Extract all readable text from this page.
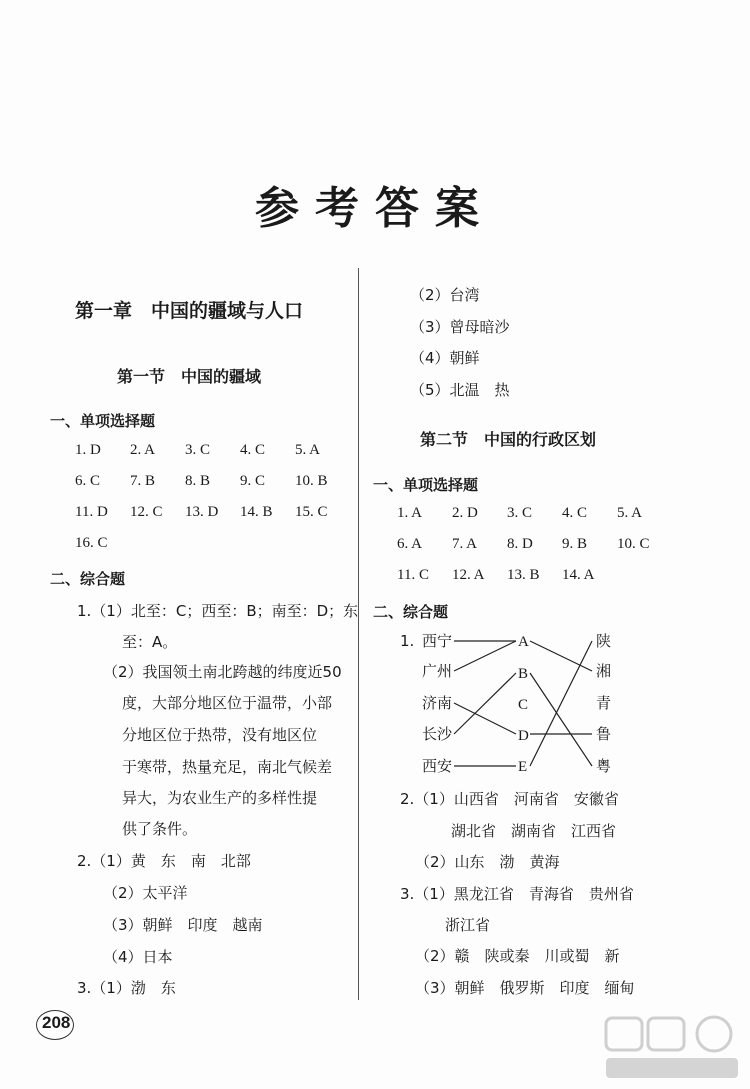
参考答案
第一章　中国的疆域与人口
第一节　中国的疆域
一、单项选择题
1. D 2. A 3. C 4. C 5. A
6. C 7. B 8. B 9. C 10. B
11. D 12. C 13. D 14. B 15. C
16. C
二、综合题
1.（1）北至：C；西至：B；南至：D；东
至：A。
（2）我国领土南北跨越的纬度近50
度，大部分地区位于温带，小部
分地区位于热带，没有地区位
于寒带，热量充足，南北气候差
异大，为农业生产的多样性提
供了条件。
2.（1）黄　东　南　北部
（2）太平洋
（3）朝鲜　印度　越南
（4）日本
3.（1）渤　东
（2）台湾
（3）曾母暗沙
（4）朝鲜
（5）北温　热
第二节　中国的行政区划
一、单项选择题
1. A 2. D 3. C 4. C 5. A
6. A 7. A 8. D 9. B 10. C
11. C 12. A 13. B 14. A
二、综合题
1. 西宁
广州
济南
长沙
西安
A
B
C
D
E
陕
湘
青
鲁
粤
2.（1）山西省　河南省　安徽省
湖北省　湖南省　江西省
（2）山东　渤　黄海
3.（1）黑龙江省　青海省　贵州省
浙江省
（2）赣　陕或秦　川或蜀　新
（3）朝鲜　俄罗斯　印度　缅甸
208
